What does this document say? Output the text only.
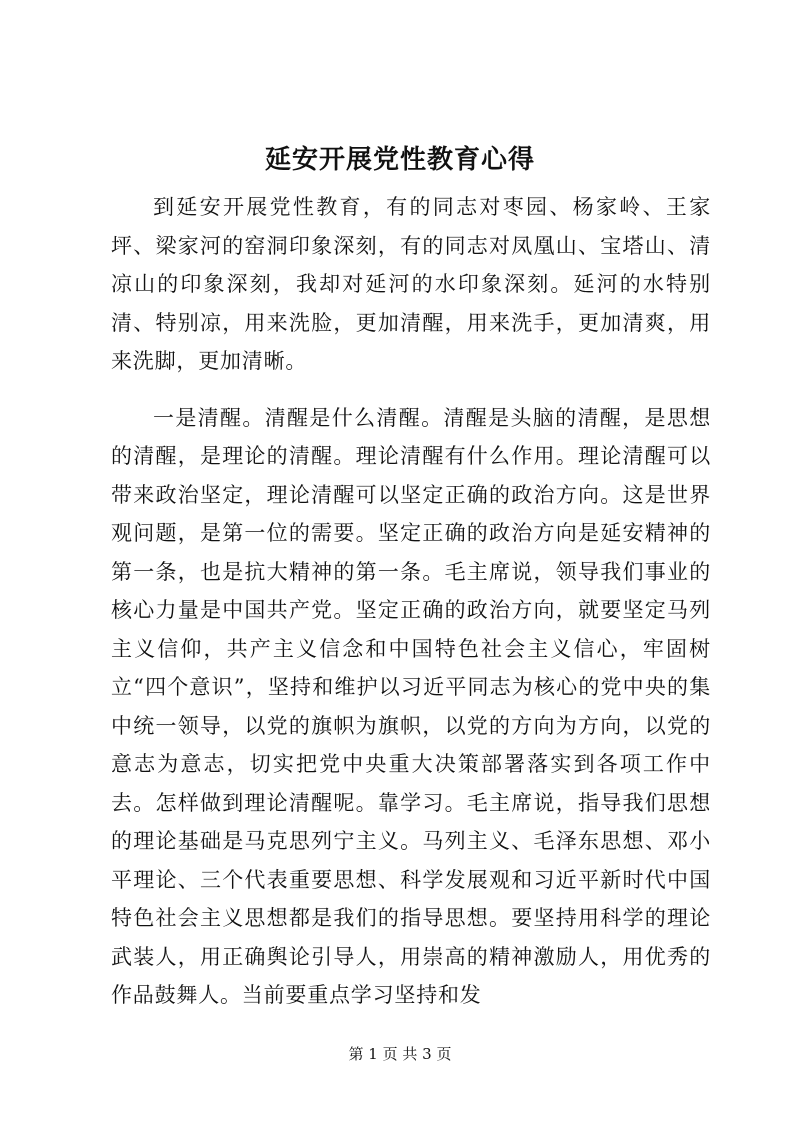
延安开展党性教育心得

到延安开展党性教育，有的同志对枣园、杨家岭、王家坪、梁家河的窑洞印象深刻，有的同志对凤凰山、宝塔山、清凉山的印象深刻，我却对延河的水印象深刻。延河的水特别清、特别凉，用来洗脸，更加清醒，用来洗手，更加清爽，用来洗脚，更加清晰。

一是清醒。清醒是什么清醒。清醒是头脑的清醒，是思想的清醒，是理论的清醒。理论清醒有什么作用。理论清醒可以带来政治坚定，理论清醒可以坚定正确的政治方向。这是世界观问题，是第一位的需要。坚定正确的政治方向是延安精神的第一条，也是抗大精神的第一条。毛主席说，领导我们事业的核心力量是中国共产党。坚定正确的政治方向，就要坚定马列主义信仰，共产主义信念和中国特色社会主义信心，牢固树立“四个意识”，坚持和维护以习近平同志为核心的党中央的集中统一领导，以党的旗帜为旗帜，以党的方向为方向，以党的意志为意志，切实把党中央重大决策部署落实到各项工作中去。怎样做到理论清醒呢。靠学习。毛主席说，指导我们思想的理论基础是马克思列宁主义。马列主义、毛泽东思想、邓小平理论、三个代表重要思想、科学发展观和习近平新时代中国特色社会主义思想都是我们的指导思想。要坚持用科学的理论武装人，用正确舆论引导人，用崇高的精神激励人，用优秀的作品鼓舞人。当前要重点学习坚持和发

第 1 页 共 3 页
